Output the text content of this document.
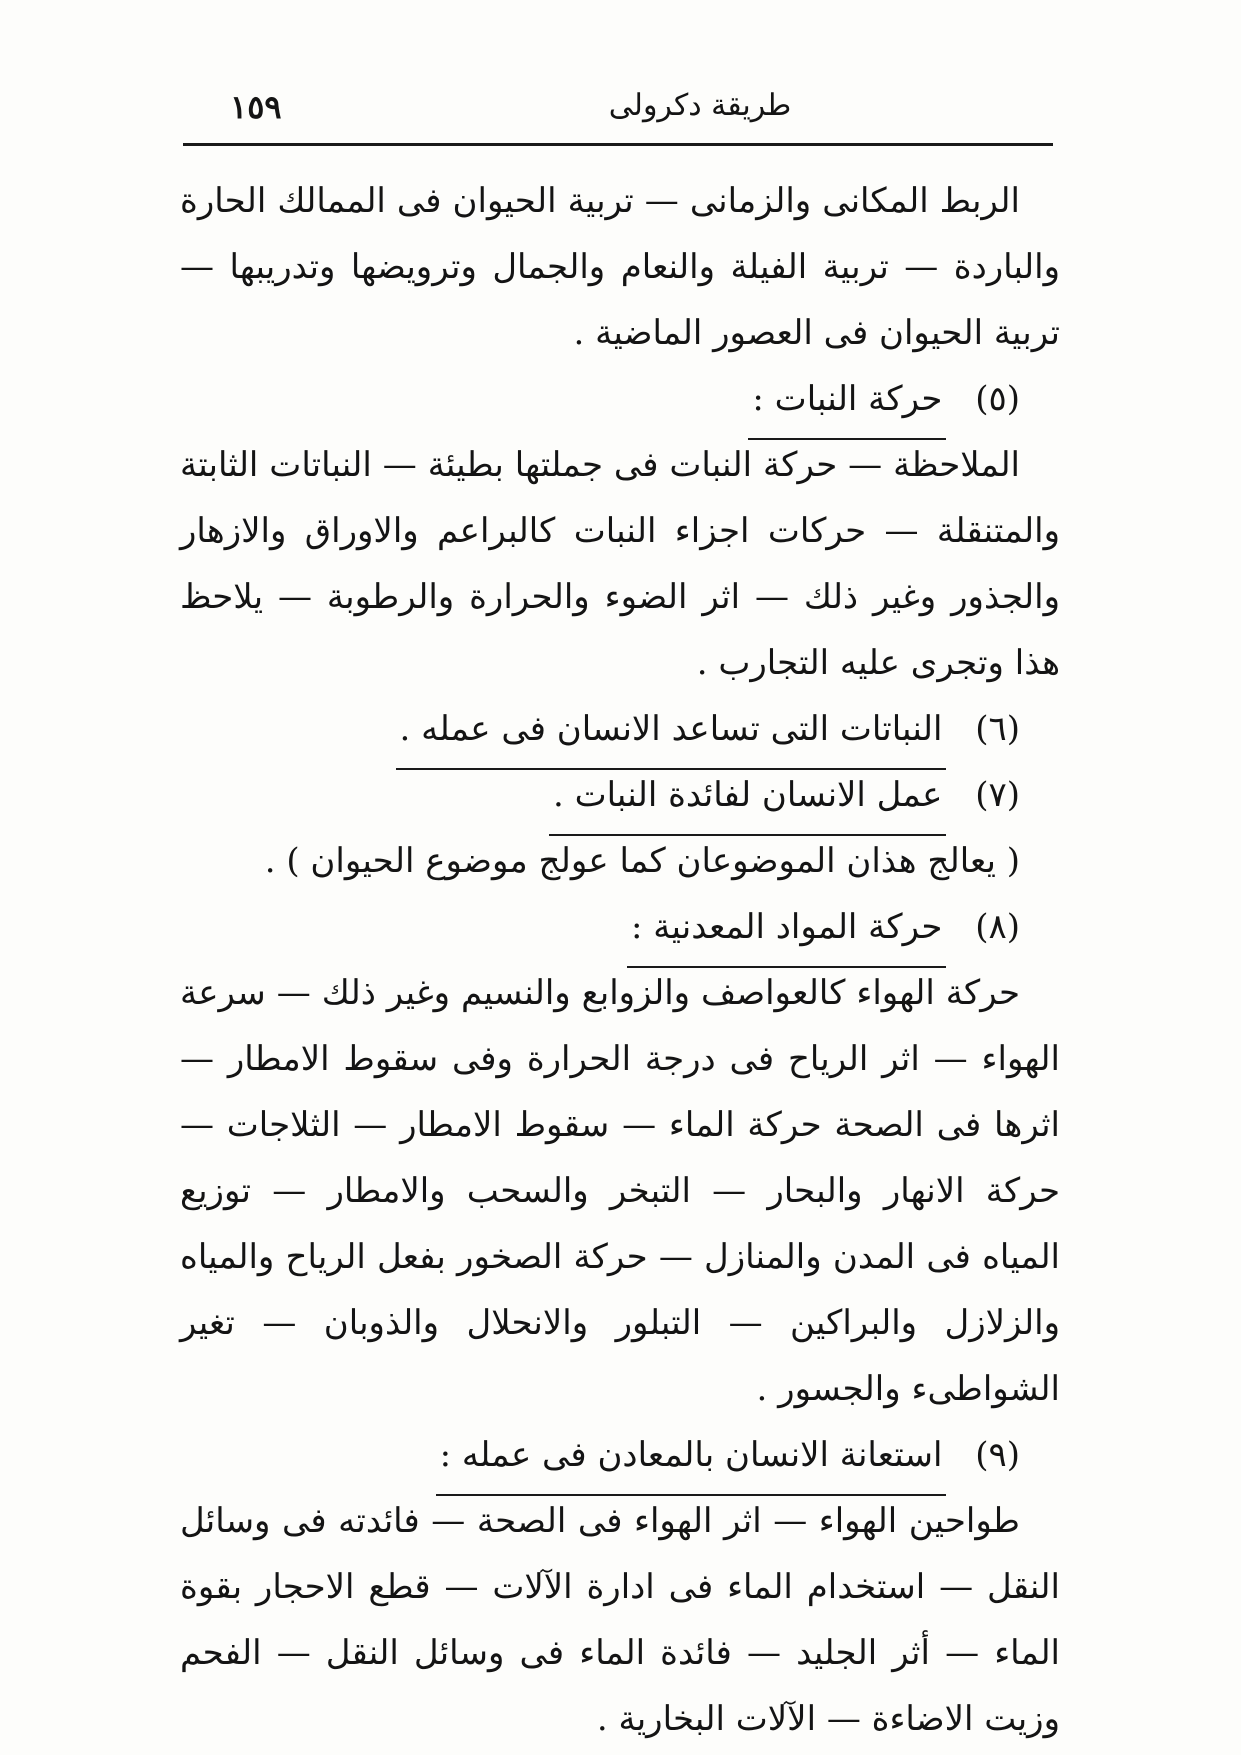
١٥٩	طريقة دكرولى

الربط المكانى والزمانى — تربية الحيوان فى الممالك الحارة والباردة — تربية الفيلة والنعام والجمال وترويضها وتدريبها — تربية الحيوان فى العصور الماضية .

(٥) حركة النبات :

الملاحظة — حركة النبات فى جملتها بطيئة — النباتات الثابتة والمتنقلة — حركات اجزاء النبات كالبراعم والاوراق والازهار والجذور وغير ذلك — اثر الضوء والحرارة والرطوبة — يلاحظ هذا وتجرى عليه التجارب .

(٦) النباتات التى تساعد الانسان فى عمله .
(٧) عمل الانسان لفائدة النبات .

( يعالج هذان الموضوعان كما عولج موضوع الحيوان ) .

(٨) حركة المواد المعدنية :

حركة الهواء كالعواصف والزوابع والنسيم وغير ذلك — سرعة الهواء — اثر الرياح فى درجة الحرارة وفى سقوط الامطار — اثرها فى الصحة حركة الماء — سقوط الامطار — الثلاجات — حركة الانهار والبحار — التبخر والسحب والامطار — توزيع المياه فى المدن والمنازل — حركة الصخور بفعل الرياح والمياه والزلازل والبراكين — التبلور والانحلال والذوبان — تغير الشواطىء والجسور .

(٩) استعانة الانسان بالمعادن فى عمله :

طواحين الهواء — اثر الهواء فى الصحة — فائدته فى وسائل النقل — استخدام الماء فى ادارة الآلات — قطع الاحجار بقوة الماء — أثر الجليد — فائدة الماء فى وسائل النقل — الفحم وزيت الاضاءة — الآلات البخارية .
